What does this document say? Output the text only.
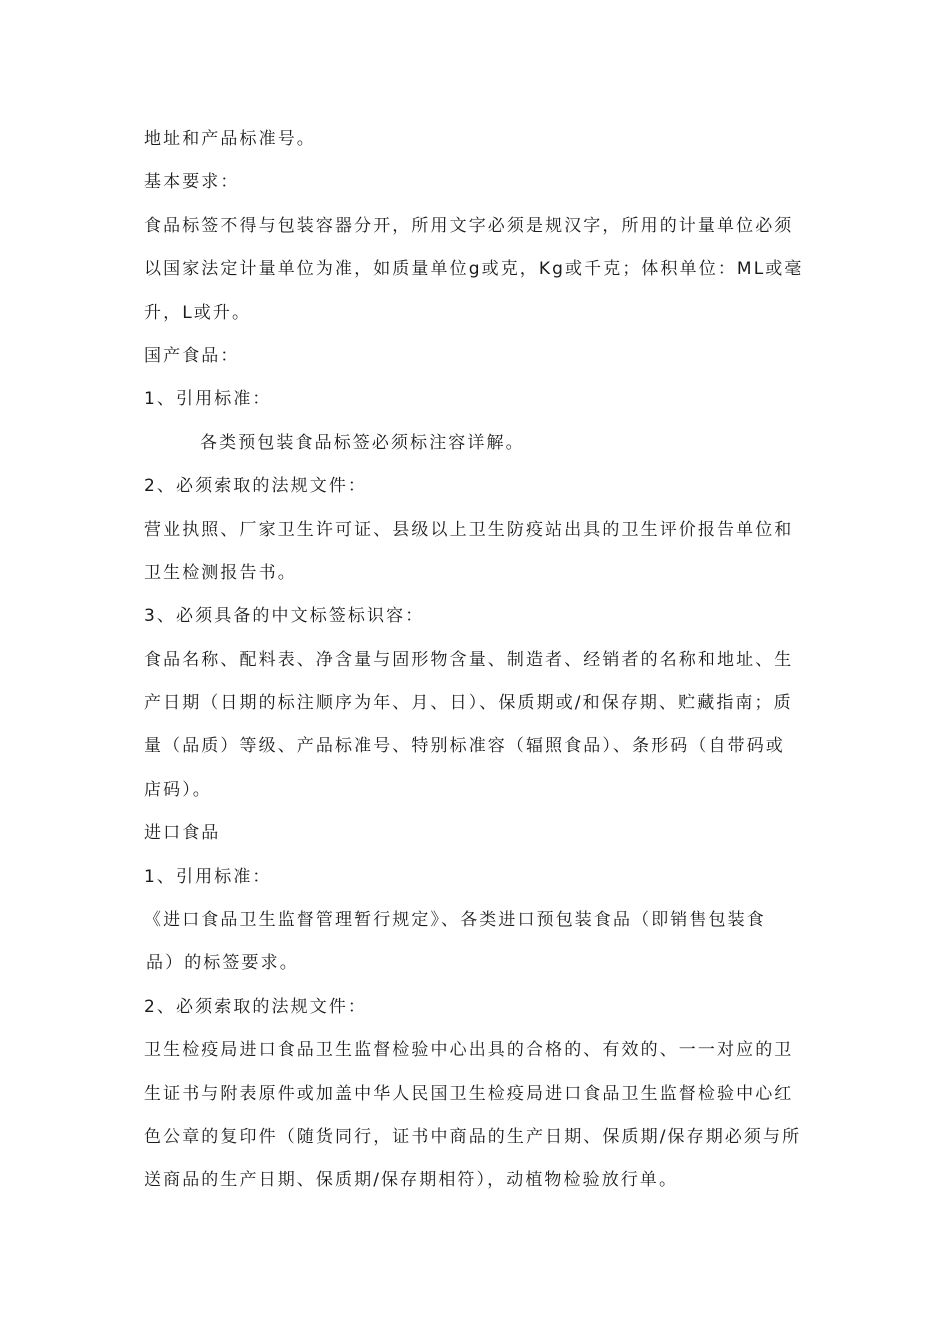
地址和产品标准号。
基本要求：
食品标签不得与包装容器分开，所用文字必须是规汉字，所用的计量单位必须
以国家法定计量单位为准，如质量单位g或克，Kg或千克；体积单位：ML或毫
升，L或升。
国产食品：
1、引用标准：
各类预包装食品标签必须标注容详解。
2、必须索取的法规文件：
营业执照、厂家卫生许可证、县级以上卫生防疫站出具的卫生评价报告单位和
卫生检测报告书。
3、必须具备的中文标签标识容：
食品名称、配料表、净含量与固形物含量、制造者、经销者的名称和地址、生
产日期（日期的标注顺序为年、月、日）、保质期或/和保存期、贮藏指南；质
量（品质）等级、产品标准号、特别标准容（辐照食品）、条形码（自带码或
店码）。
进口食品
1、引用标准：
《进口食品卫生监督管理暂行规定》、各类进口预包装食品（即销售包装食
品）的标签要求。
2、必须索取的法规文件：
卫生检疫局进口食品卫生监督检验中心出具的合格的、有效的、一一对应的卫
生证书与附表原件或加盖中华人民国卫生检疫局进口食品卫生监督检验中心红
色公章的复印件（随货同行，证书中商品的生产日期、保质期/保存期必须与所
送商品的生产日期、保质期/保存期相符），动植物检验放行单。
